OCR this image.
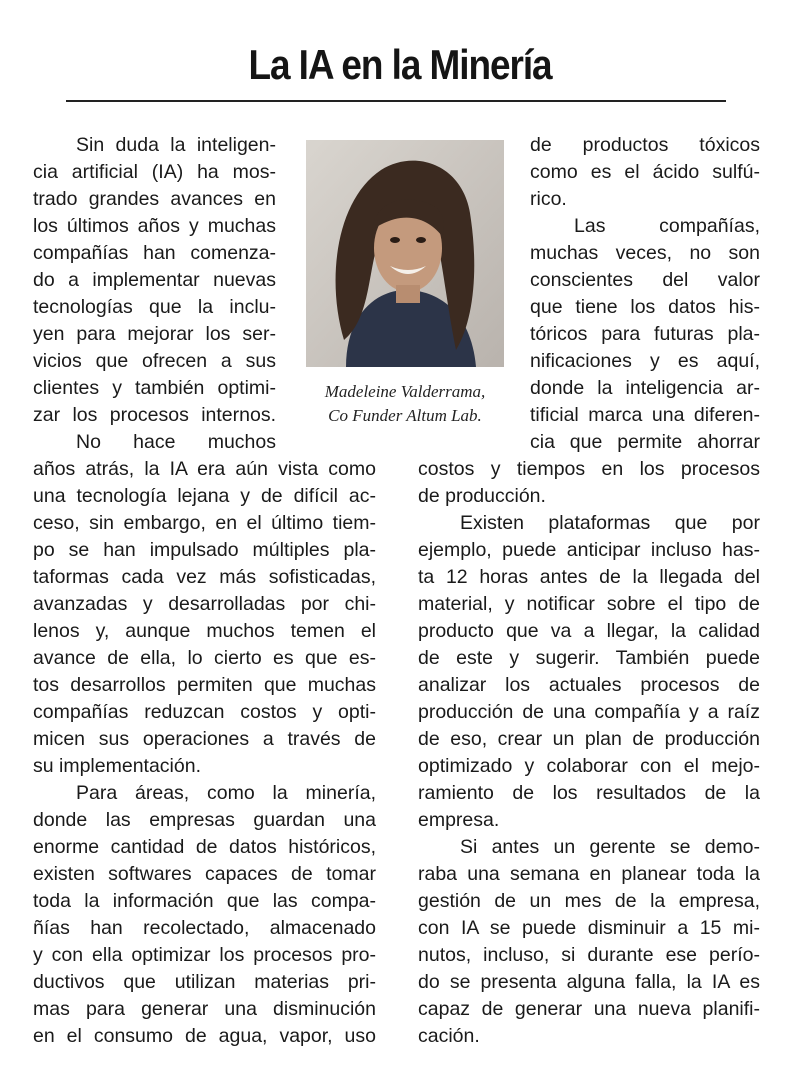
La IA en la Minería
Madeleine Valderrama,
Co Funder Altum Lab.
Sin duda la inteligen-
cia artificial (IA) ha mos-
trado grandes avances en
los últimos años y muchas
compañías han comenza-
do a implementar nuevas
tecnologías que la inclu-
yen para mejorar los ser-
vicios que ofrecen a sus
clientes y también optimi-
zar los procesos internos.
No hace muchos
años atrás, la IA era aún vista como
una tecnología lejana y de difícil ac-
ceso, sin embargo, en el último tiem-
po se han impulsado múltiples pla-
taformas cada vez más sofisticadas,
avanzadas y desarrolladas por chi-
lenos y, aunque muchos temen el
avance de ella, lo cierto es que es-
tos desarrollos permiten que muchas
compañías reduzcan costos y opti-
micen sus operaciones a través de
su implementación.
Para áreas, como la minería,
donde las empresas guardan una
enorme cantidad de datos históricos,
existen softwares capaces de tomar
toda la información que las compa-
ñías han recolectado, almacenado
y con ella optimizar los procesos pro-
ductivos que utilizan materias pri-
mas para generar una disminución
en el consumo de agua, vapor, uso
de productos tóxicos
como es el ácido sulfú-
rico.
Las compañías,
muchas veces, no son
conscientes del valor
que tiene los datos his-
tóricos para futuras pla-
nificaciones y es aquí,
donde la inteligencia ar-
tificial marca una diferen-
cia que permite ahorrar
costos y tiempos en los procesos
de producción.
Existen plataformas que por
ejemplo, puede anticipar incluso has-
ta 12 horas antes de la llegada del
material, y notificar sobre el tipo de
producto que va a llegar, la calidad
de este y sugerir. También puede
analizar los actuales procesos de
producción de una compañía y a raíz
de eso, crear un plan de producción
optimizado y colaborar con el mejo-
ramiento de los resultados de la
empresa.
Si antes un gerente se demo-
raba una semana en planear toda la
gestión de un mes de la empresa,
con IA se puede disminuir a 15 mi-
nutos, incluso, si durante ese perío-
do se presenta alguna falla, la IA es
capaz de generar una nueva planifi-
cación.
